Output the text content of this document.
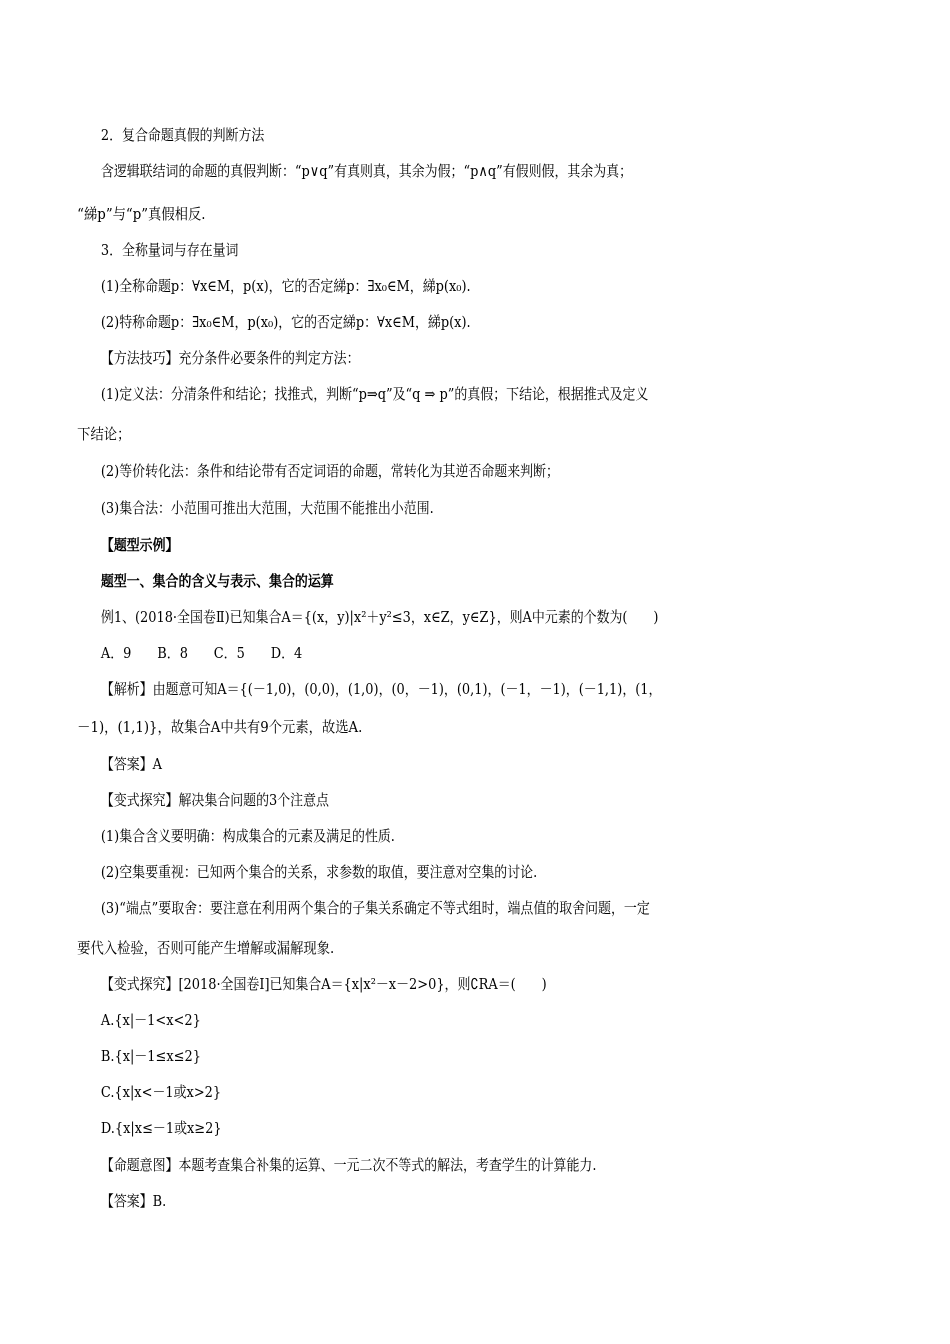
2．复合命题真假的判断方法
含逻辑联结词的命题的真假判断：“p∨q”有真则真，其余为假；“p∧q”有假则假，其余为真；
“綈p”与“p”真假相反.
3．全称量词与存在量词
(1)全称命题p：∀x∈M，p(x)，它的否定綈p：∃x₀∈M，綈p(x₀).
(2)特称命题p：∃x₀∈M，p(x₀)，它的否定綈p：∀x∈M，綈p(x).
【方法技巧】充分条件必要条件的判定方法：
(1)定义法：分清条件和结论；找推式，判断“p⇒q”及“q ⇒ p”的真假；下结论，根据推式及定义
下结论；
(2)等价转化法：条件和结论带有否定词语的命题，常转化为其逆否命题来判断；
(3)集合法：小范围可推出大范围，大范围不能推出小范围.
【题型示例】
题型一、集合的含义与表示、集合的运算
例1、(2018·全国卷Ⅱ)已知集合A＝{(x，y)|x²＋y²≤3，x∈Z，y∈Z}，则A中元素的个数为(　　)
A．9　　B．8　　C．5　　D．4
【解析】由题意可知A＝{(－1,0)，(0,0)，(1,0)，(0，－1)，(0,1)，(－1，－1)，(－1,1)，(1，
－1)，(1,1)}，故集合A中共有9个元素，故选A.
【答案】A
【变式探究】解决集合问题的3个注意点
(1)集合含义要明确：构成集合的元素及满足的性质.
(2)空集要重视：已知两个集合的关系，求参数的取值，要注意对空集的讨论.
(3)“端点”要取舍：要注意在利用两个集合的子集关系确定不等式组时，端点值的取舍问题，一定
要代入检验，否则可能产生增解或漏解现象.
【变式探究】[2018·全国卷Ⅰ]已知集合A＝{x|x²－x－2>0}，则∁RA＝(　　)
A.{x|－1<x<2}
B.{x|－1≤x≤2}
C.{x|x<－1或x>2}
D.{x|x≤－1或x≥2}
【命题意图】本题考查集合补集的运算、一元二次不等式的解法，考查学生的计算能力.
【答案】B.
